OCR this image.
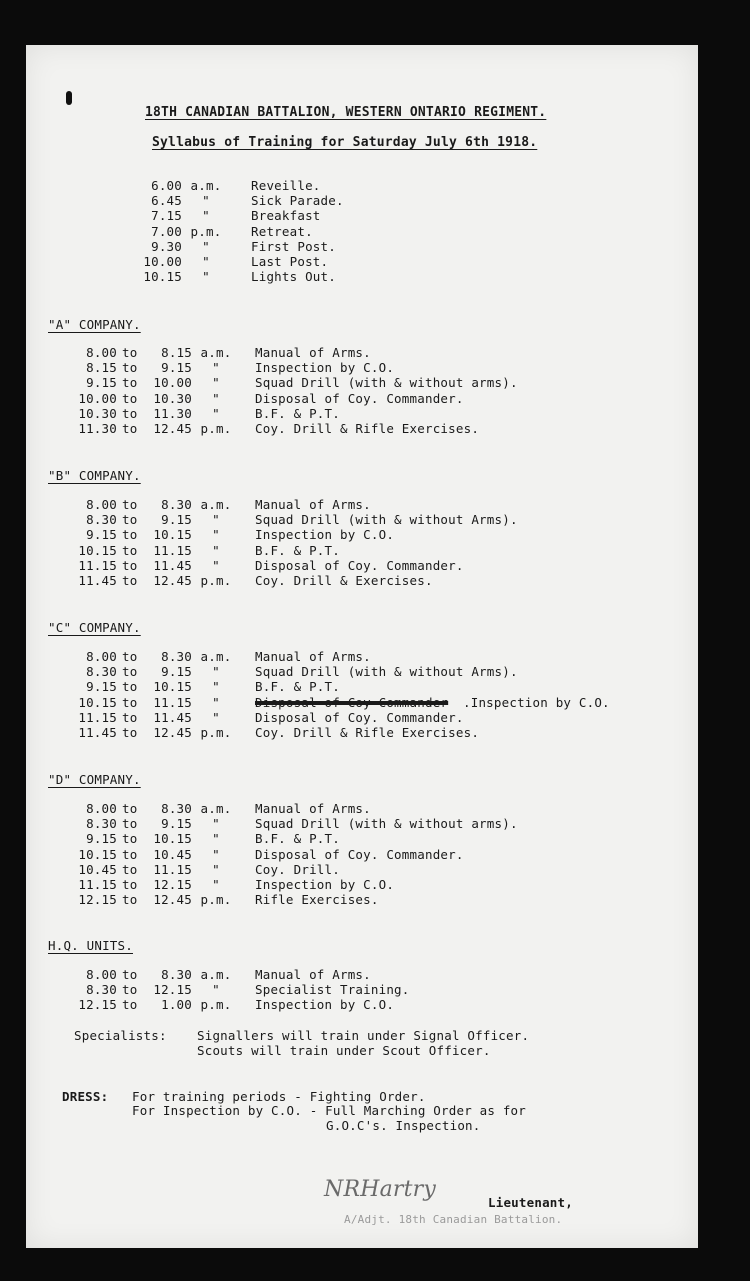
18TH CANADIAN BATTALION, WESTERN ONTARIO REGIMENT.
Syllabus of Training for Saturday July 6th 1918.
6.00 a.m.	Reveille.
6.45	"	Sick Parade.
7.15	"	Breakfast
7.00 p.m.	Retreat.
9.30	"	First Post.
10.00	"	Last Post.
10.15	"	Lights Out.
"A" COMPANY.
8.00 to	8.15 a.m. Manual of Arms.
8.15 to	9.15	"	Inspection by C.O.
9.15 to	10.00	"	Squad Drill (with & without arms).
10.00 to	10.30	"	Disposal of Coy. Commander.
10.30 to	11.30	"	B.F. & P.T.
11.30 to	12.45 p.m. Coy. Drill & Rifle Exercises.
"B" COMPANY.
8.00 to	8.30 a.m. Manual of Arms.
8.30 to	9.15	"	Squad Drill (with & without Arms).
9.15 to	10.15	"	Inspection by C.O.
10.15 to	11.15	"	B.F. & P.T.
11.15 to	11.45	"	Disposal of Coy. Commander.
11.45 to	12.45 p.m. Coy. Drill & Exercises.
"C" COMPANY.
8.00 to	8.30 a.m. Manual of Arms.
8.30 to	9.15	"	Squad Drill (with & without Arms).
9.15 to	10.15	"	B.F. & P.T.
10.15 to	11.15	"	Disposal of Coy Commander .Inspection by C.O.
11.15 to	11.45	"	Disposal of Coy. Commander.
11.45 to	12.45 p.m. Coy. Drill & Rifle Exercises.
"D" COMPANY.
8.00 to	8.30 a.m. Manual of Arms.
8.30 to	9.15	"	Squad Drill (with & without arms).
9.15 to	10.15	"	B.F. & P.T.
10.15 to	10.45	"	Disposal of Coy. Commander.
10.45 to	11.15	"	Coy. Drill.
11.15 to	12.15	"	Inspection by C.O.
12.15 to	12.45 p.m. Rifle Exercises.
H.Q. UNITS.
8.00 to	8.30 a.m. Manual of Arms.
8.30 to	12.15	"	Specialist Training.
12.15 to	1.00 p.m. Inspection by C.O.
Specialists: Signallers will train under Signal Officer.
Scouts will train under Scout Officer.
DRESS: For training periods - Fighting Order.
For Inspection by C.O. - Full Marching Order as for
G.O.C's. Inspection.
NRHartry
Lieutenant,
A/Adjt. 18th Canadian Battalion.
